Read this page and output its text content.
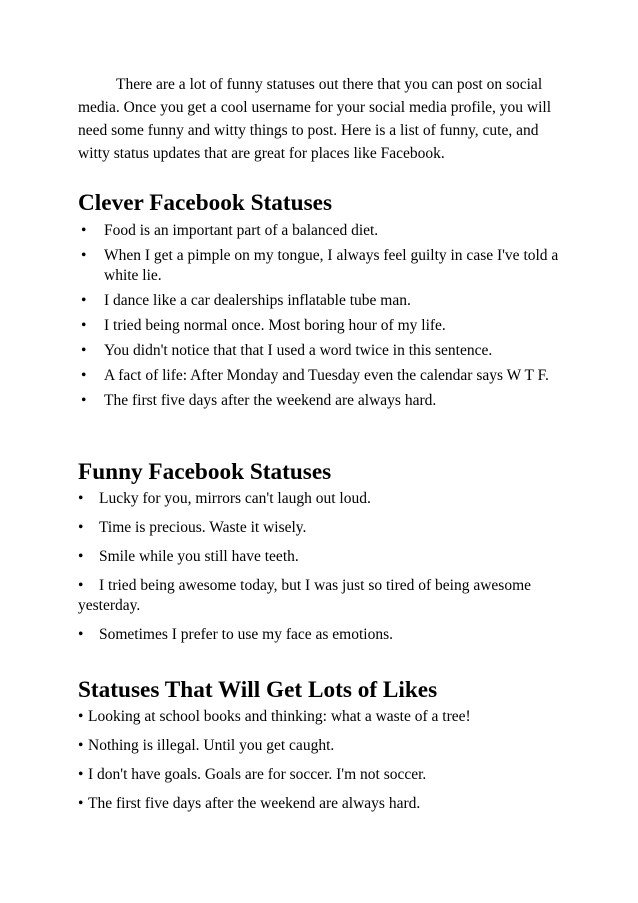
There are a lot of funny statuses out there that you can post on social media. Once you get a cool username for your social media profile, you will need some funny and witty things to post. Here is a list of funny, cute, and witty status updates that are great for places like Facebook.

Clever Facebook Statuses
• Food is an important part of a balanced diet.
• When I get a pimple on my tongue, I always feel guilty in case I've told a white lie.
• I dance like a car dealerships inflatable tube man.
• I tried being normal once. Most boring hour of my life.
• You didn't notice that that I used a word twice in this sentence.
• A fact of life: After Monday and Tuesday even the calendar says W T F.
• The first five days after the weekend are always hard.
Funny Facebook Statuses
• Lucky for you, mirrors can't laugh out loud.
• Time is precious. Waste it wisely.
• Smile while you still have teeth.
• I tried being awesome today, but I was just so tired of being awesome yesterday.
• Sometimes I prefer to use my face as emotions.
Statuses That Will Get Lots of Likes
• Looking at school books and thinking: what a waste of a tree!
• Nothing is illegal. Until you get caught.
• I don't have goals. Goals are for soccer. I'm not soccer.
• The first five days after the weekend are always hard.
